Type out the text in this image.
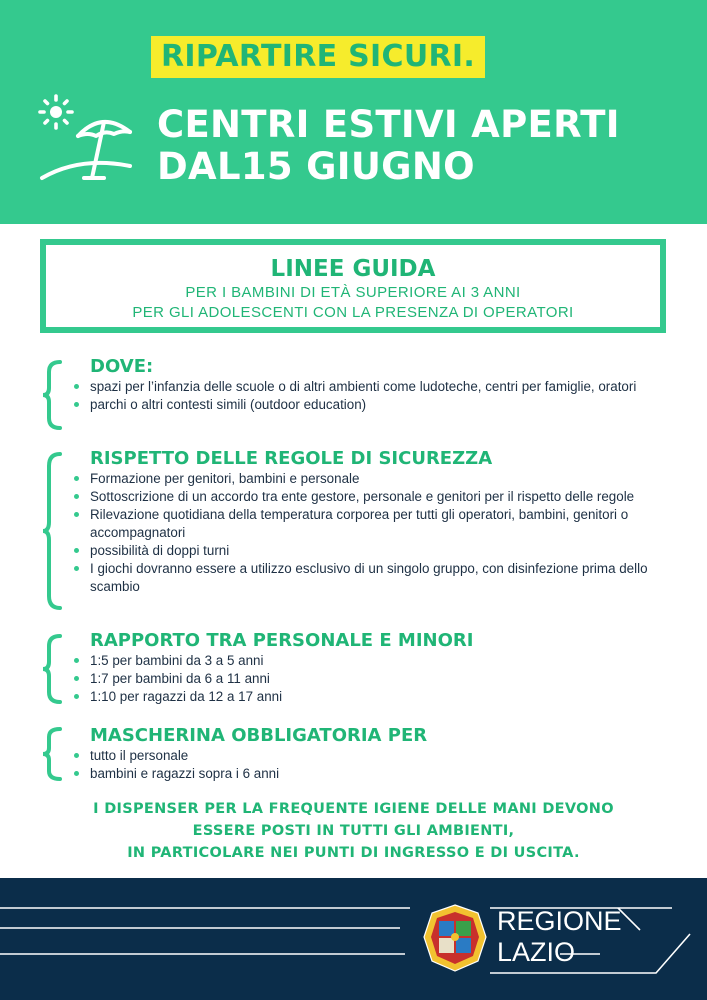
RIPARTIRE SICURI.
CENTRI ESTIVI APERTI
DAL15 GIUGNO
LINEE GUIDA
PER I BAMBINI DI ETÀ SUPERIORE AI 3 ANNI
PER GLI ADOLESCENTI CON LA PRESENZA DI OPERATORI
DOVE:
spazi per l’infanzia delle scuole o di altri ambienti come ludoteche, centri per famiglie, oratori
parchi o altri contesti simili (outdoor education)
RISPETTO DELLE REGOLE DI SICUREZZA
Formazione per genitori, bambini e personale
Sottoscrizione di un accordo tra ente gestore, personale e genitori per il rispetto delle regole
Rilevazione quotidiana della temperatura corporea per tutti gli operatori, bambini, genitori o accompagnatori
possibilità di doppi turni
I giochi dovranno essere a utilizzo esclusivo di un singolo gruppo, con disinfezione prima dello scambio
RAPPORTO TRA PERSONALE E MINORI
1:5 per bambini da 3 a 5 anni
1:7 per bambini da 6 a 11 anni
1:10 per ragazzi da 12 a 17 anni
MASCHERINA OBBLIGATORIA PER
tutto il personale
bambini e ragazzi sopra i 6 anni
I DISPENSER PER LA FREQUENTE IGIENE DELLE MANI DEVONO
ESSERE POSTI IN TUTTI GLI AMBIENTI,
IN PARTICOLARE NEI PUNTI DI INGRESSO E DI USCITA.
REGIONE
LAZIO
